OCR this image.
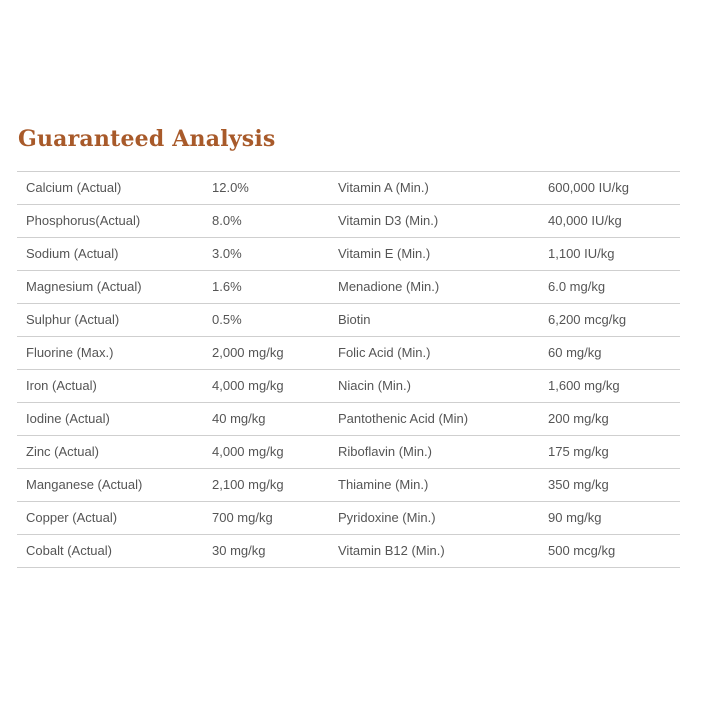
Guaranteed Analysis
Calcium (Actual)	12.0%	Vitamin A (Min.)	600,000 IU/kg
Phosphorus(Actual)	8.0%	Vitamin D3 (Min.)	40,000 IU/kg
Sodium (Actual)	3.0%	Vitamin E (Min.)	1,100 IU/kg
Magnesium (Actual)	1.6%	Menadione (Min.)	6.0 mg/kg
Sulphur (Actual)	0.5%	Biotin	6,200 mcg/kg
Fluorine (Max.)	2,000 mg/kg	Folic Acid (Min.)	60 mg/kg
Iron (Actual)	4,000 mg/kg	Niacin (Min.)	1,600 mg/kg
Iodine (Actual)	40 mg/kg	Pantothenic Acid (Min)	200 mg/kg
Zinc (Actual)	4,000 mg/kg	Riboflavin (Min.)	175 mg/kg
Manganese (Actual)	2,100 mg/kg	Thiamine (Min.)	350 mg/kg
Copper (Actual)	700 mg/kg	Pyridoxine (Min.)	90 mg/kg
Cobalt (Actual)	30 mg/kg	Vitamin B12 (Min.)	500 mcg/kg
